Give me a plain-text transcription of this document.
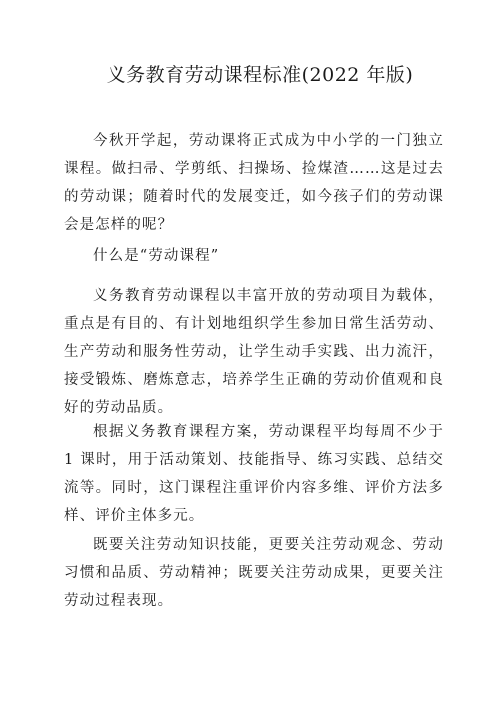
义务教育劳动课程标准(2022 年版)

今秋开学起，劳动课将正式成为中小学的一门独立课程。做扫帚、学剪纸、扫操场、捡煤渣……这是过去的劳动课；随着时代的发展变迁，如今孩子们的劳动课会是怎样的呢？

什么是“劳动课程”

义务教育劳动课程以丰富开放的劳动项目为载体，重点是有目的、有计划地组织学生参加日常生活劳动、生产劳动和服务性劳动，让学生动手实践、出力流汗，接受锻炼、磨炼意志，培养学生正确的劳动价值观和良好的劳动品质。

根据义务教育课程方案，劳动课程平均每周不少于 1 课时，用于活动策划、技能指导、练习实践、总结交流等。同时，这门课程注重评价内容多维、评价方法多样、评价主体多元。

既要关注劳动知识技能，更要关注劳动观念、劳动习惯和品质、劳动精神；既要关注劳动成果，更要关注劳动过程表现。
